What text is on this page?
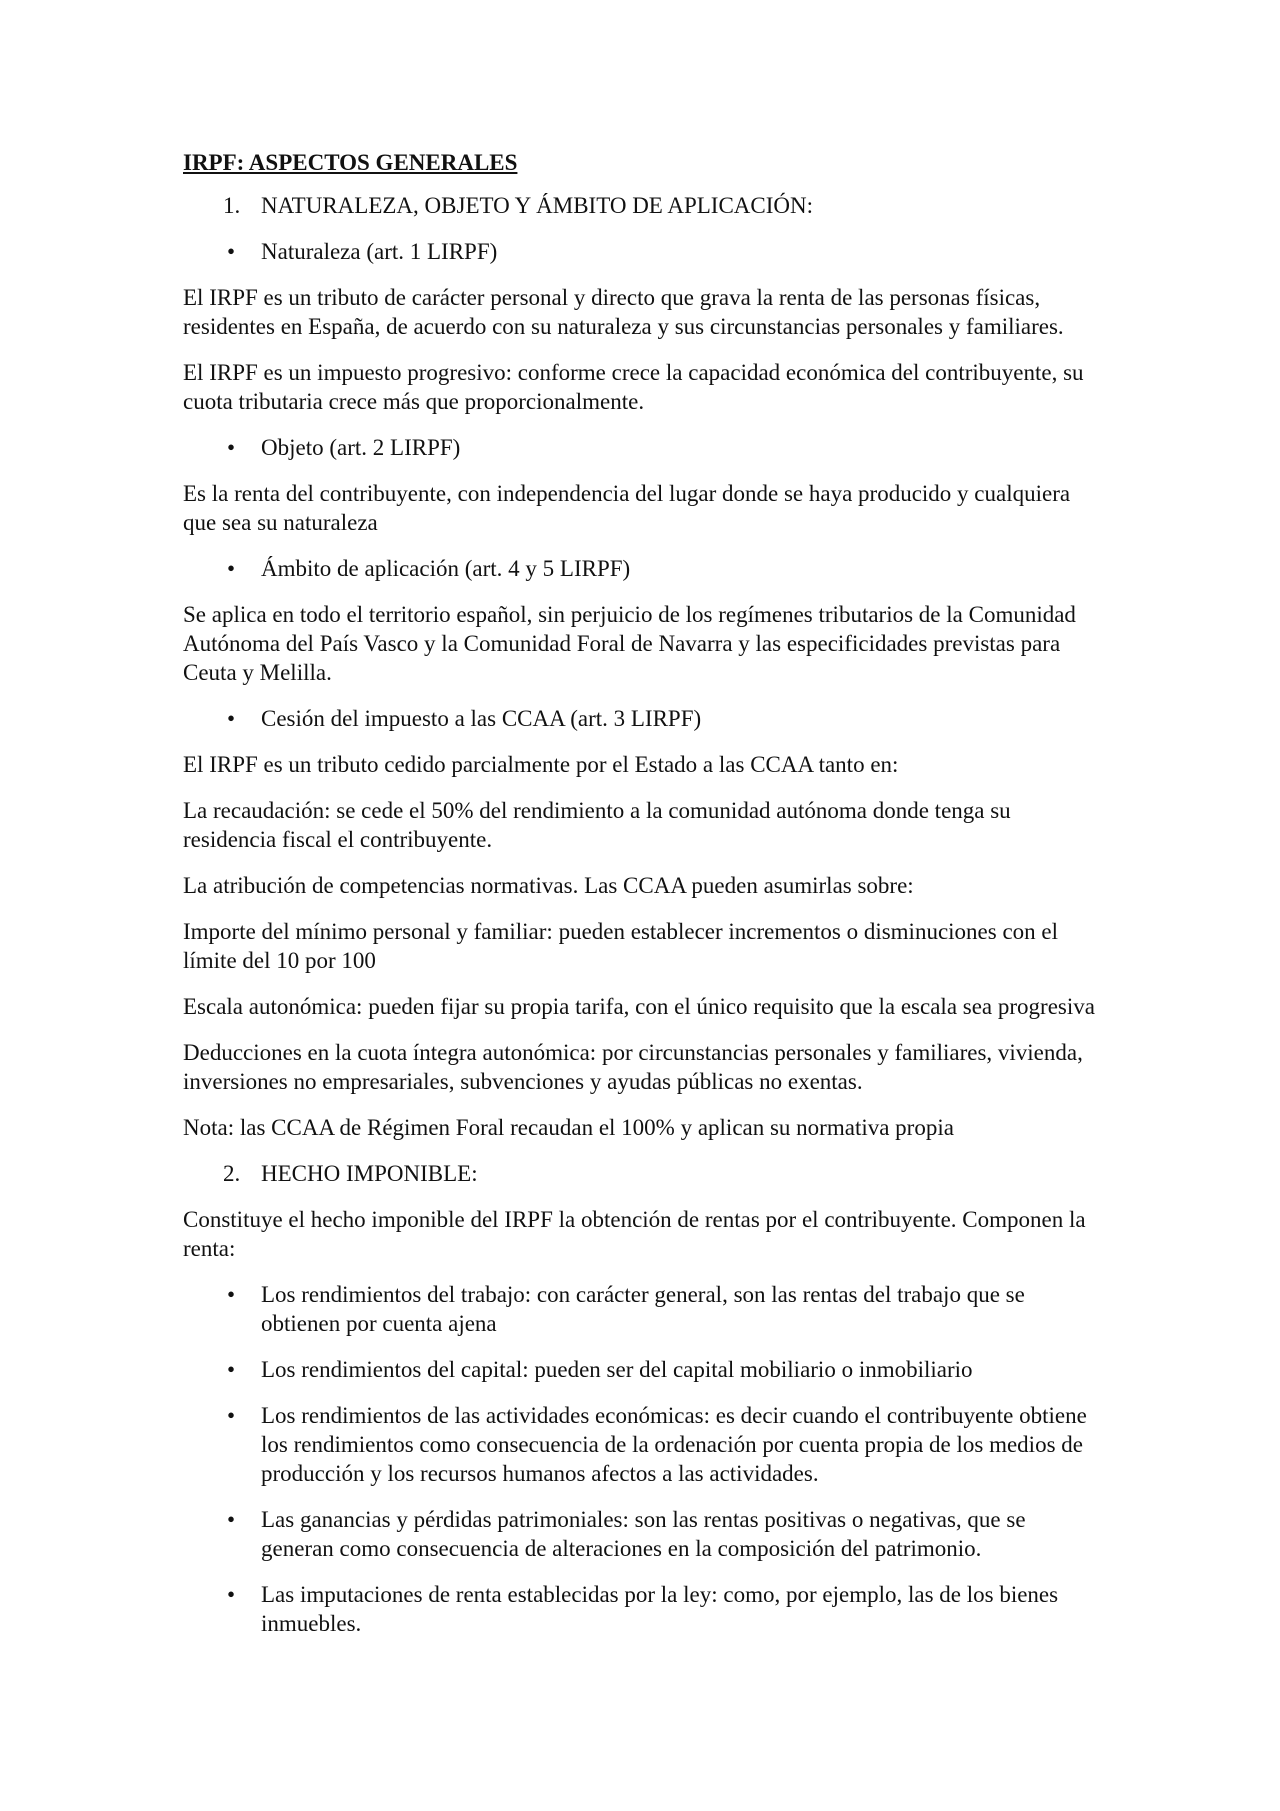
IRPF: ASPECTOS GENERALES
1. NATURALEZA, OBJETO Y ÁMBITO DE APLICACIÓN:
• Naturaleza (art. 1 LIRPF)

El IRPF es un tributo de carácter personal y directo que grava la renta de las personas físicas, residentes en España, de acuerdo con su naturaleza y sus circunstancias personales y familiares.

El IRPF es un impuesto progresivo: conforme crece la capacidad económica del contribuyente, su cuota tributaria crece más que proporcionalmente.

• Objeto (art. 2 LIRPF)

Es la renta del contribuyente, con independencia del lugar donde se haya producido y cualquiera que sea su naturaleza

• Ámbito de aplicación (art. 4 y 5 LIRPF)

Se aplica en todo el territorio español, sin perjuicio de los regímenes tributarios de la Comunidad Autónoma del País Vasco y la Comunidad Foral de Navarra y las especificidades previstas para Ceuta y Melilla.

• Cesión del impuesto a las CCAA (art. 3 LIRPF)

El IRPF es un tributo cedido parcialmente por el Estado a las CCAA tanto en:

La recaudación: se cede el 50% del rendimiento a la comunidad autónoma donde tenga su residencia fiscal el contribuyente.

La atribución de competencias normativas. Las CCAA pueden asumirlas sobre:

Importe del mínimo personal y familiar: pueden establecer incrementos o disminuciones con el límite del 10 por 100

Escala autonómica: pueden fijar su propia tarifa, con el único requisito que la escala sea progresiva

Deducciones en la cuota íntegra autonómica: por circunstancias personales y familiares, vivienda, inversiones no empresariales, subvenciones y ayudas públicas no exentas.

Nota: las CCAA de Régimen Foral recaudan el 100% y aplican su normativa propia

2. HECHO IMPONIBLE:

Constituye el hecho imponible del IRPF la obtención de rentas por el contribuyente. Componen la renta:

• Los rendimientos del trabajo: con carácter general, son las rentas del trabajo que se obtienen por cuenta ajena
• Los rendimientos del capital: pueden ser del capital mobiliario o inmobiliario
• Los rendimientos de las actividades económicas: es decir cuando el contribuyente obtiene los rendimientos como consecuencia de la ordenación por cuenta propia de los medios de producción y los recursos humanos afectos a las actividades.
• Las ganancias y pérdidas patrimoniales: son las rentas positivas o negativas, que se generan como consecuencia de alteraciones en la composición del patrimonio.
• Las imputaciones de renta establecidas por la ley: como, por ejemplo, las de los bienes inmuebles.
